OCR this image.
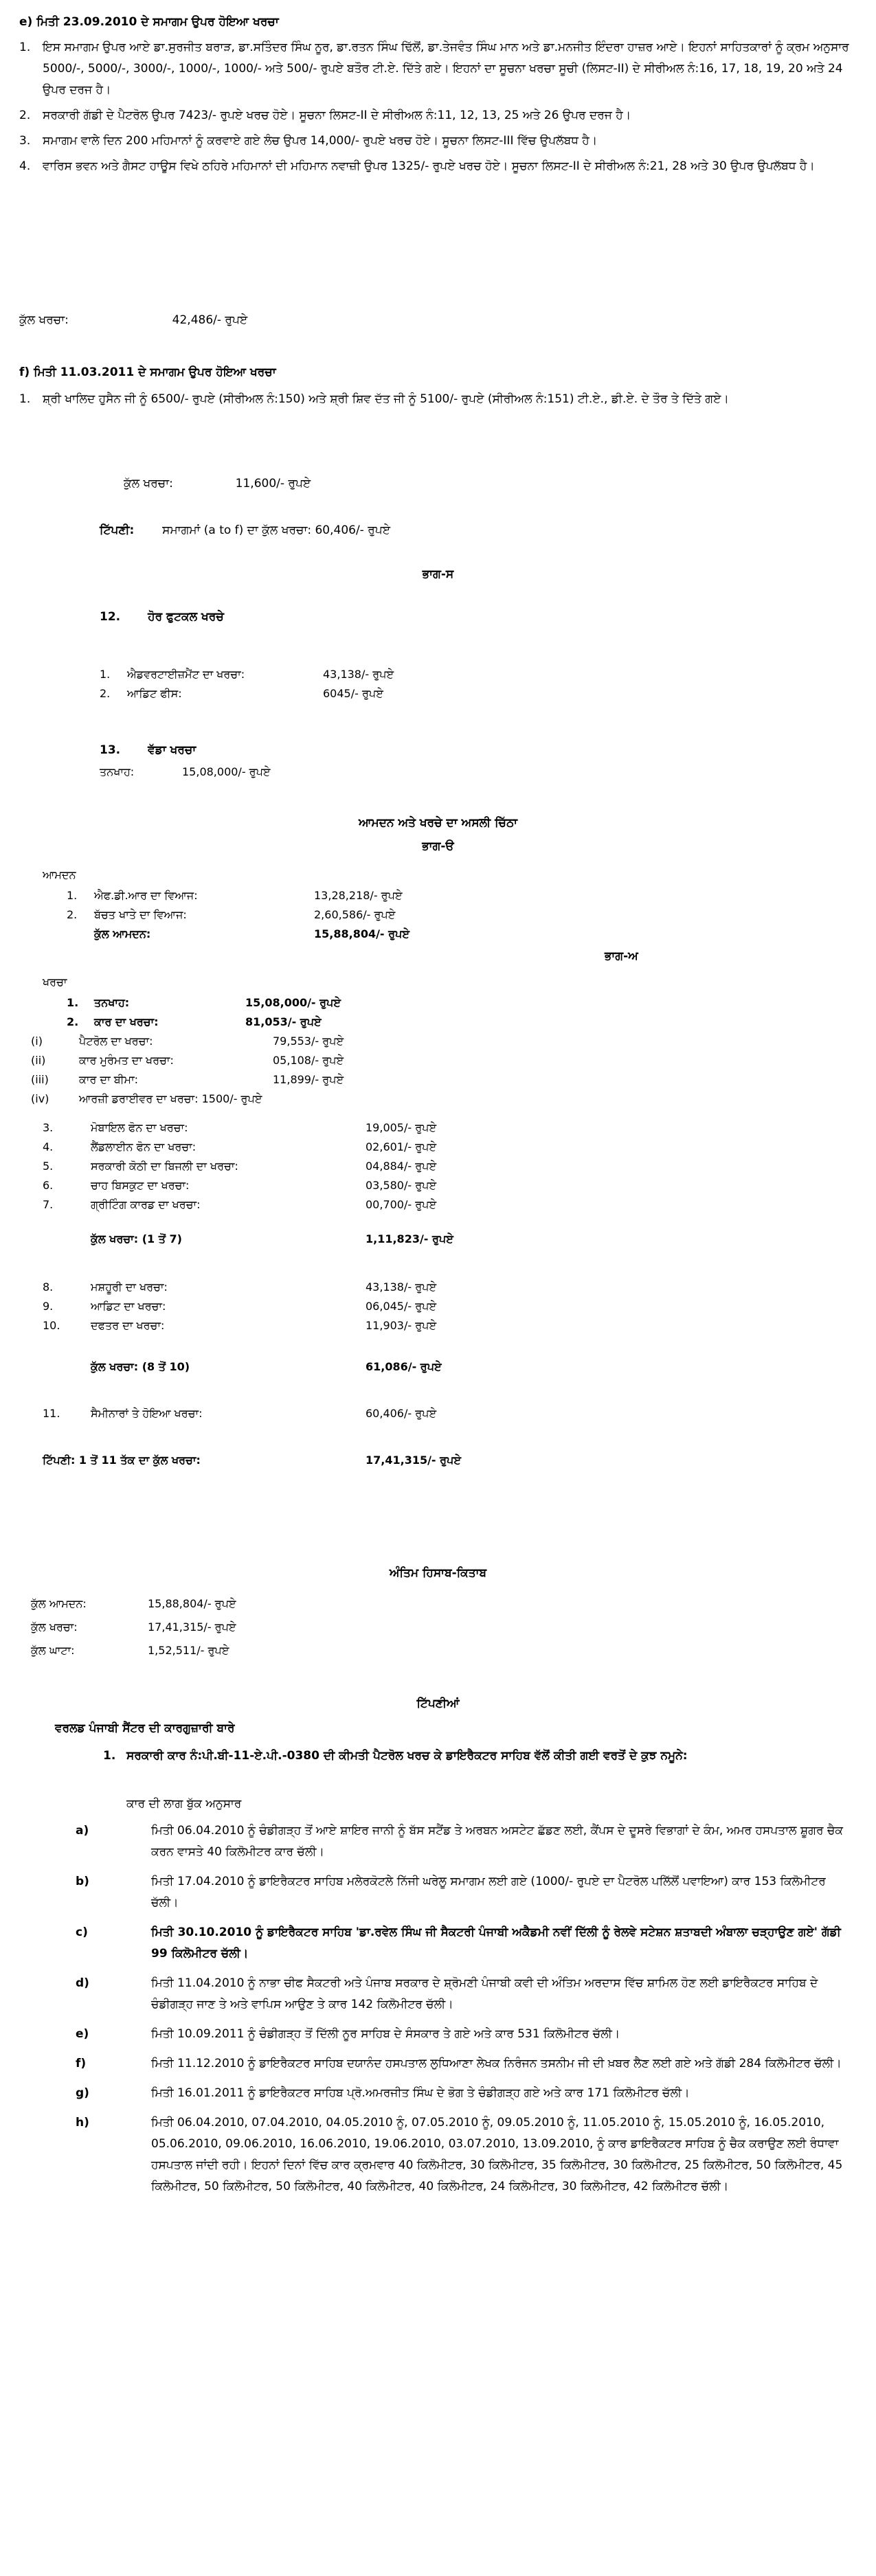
e) ਮਿਤੀ 23.09.2010 ਦੇ ਸਮਾਗਮ ਉਪਰ ਹੋਇਆ ਖਰਚਾ
1. ਇਸ ਸਮਾਗਮ ਉਪਰ ਆਏ ਡਾ.ਸੁਰਜੀਤ ਬਰਾੜ, ਡਾ.ਸਤਿੰਦਰ ਸਿੰਘ ਨੂਰ, ਡਾ.ਰਤਨ ਸਿੰਘ ਢਿੱਲੋਂ, ਡਾ.ਤੇਜਵੰਤ ਸਿੰਘ ਮਾਨ ਅਤੇ ਡਾ.ਮਨਜੀਤ ਇੰਦਰਾ ਹਾਜ਼ਰ ਆਏ। ਇਹਨਾਂ ਸਾਹਿਤਕਾਰਾਂ ਨੂੰ ਕ੍ਰਮ ਅਨੁਸਾਰ 5000/-, 5000/-, 3000/-, 1000/-, 1000/- ਅਤੇ 500/- ਰੁਪਏ ਬਤੌਰ ਟੀ.ਏ. ਦਿੱਤੇ ਗਏ। ਇਹਨਾਂ ਦਾ ਸੂਚਨਾ ਖਰਚਾ ਸੂਚੀ (ਲਿਸਟ-II) ਦੇ ਸੀਰੀਅਲ ਨੰ:16, 17, 18, 19, 20 ਅਤੇ 24 ਉਪਰ ਦਰਜ ਹੈ।
2. ਸਰਕਾਰੀ ਗੱਡੀ ਦੇ ਪੈਟਰੋਲ ਉਪਰ 7423/- ਰੁਪਏ ਖਰਚ ਹੋਏ। ਸੂਚਨਾ ਲਿਸਟ-II ਦੇ ਸੀਰੀਅਲ ਨੰ:11, 12, 13, 25 ਅਤੇ 26 ਉਪਰ ਦਰਜ ਹੈ।
3. ਸਮਾਗਮ ਵਾਲੇ ਦਿਨ 200 ਮਹਿਮਾਨਾਂ ਨੂੰ ਕਰਵਾਏ ਗਏ ਲੰਚ ਉਪਰ 14,000/- ਰੁਪਏ ਖਰਚ ਹੋਏ। ਸੂਚਨਾ ਲਿਸਟ-III ਵਿੱਚ ਉਪਲੱਬਧ ਹੈ।
4. ਵਾਰਿਸ ਭਵਨ ਅਤੇ ਗੈਸਟ ਹਾਊਸ ਵਿਖੇ ਠਹਿਰੇ ਮਹਿਮਾਨਾਂ ਦੀ ਮਹਿਮਾਨ ਨਵਾਜ਼ੀ ਉਪਰ 1325/- ਰੁਪਏ ਖਰਚ ਹੋਏ। ਸੂਚਨਾ ਲਿਸਟ-II ਦੇ ਸੀਰੀਅਲ ਨੰ:21, 28 ਅਤੇ 30 ਉਪਰ ਉਪਲੱਬਧ ਹੈ।
ਕੁੱਲ ਖਰਚਾ:	42,486/- ਰੁਪਏ
f) ਮਿਤੀ 11.03.2011 ਦੇ ਸਮਾਗਮ ਉਪਰ ਹੋਇਆ ਖਰਚਾ
1. ਸ਼੍ਰੀ ਖਾਲਿਦ ਹੁਸੈਨ ਜੀ ਨੂੰ 6500/- ਰੁਪਏ (ਸੀਰੀਅਲ ਨੰ:150) ਅਤੇ ਸ਼੍ਰੀ ਸ਼ਿਵ ਦੱਤ ਜੀ ਨੂੰ 5100/- ਰੁਪਏ (ਸੀਰੀਅਲ ਨੰ:151) ਟੀ.ਏ., ਡੀ.ਏ. ਦੇ ਤੌਰ ਤੇ ਦਿੱਤੇ ਗਏ।
ਕੁੱਲ ਖਰਚਾ:	11,600/- ਰੁਪਏ
ਟਿੱਪਣੀ: ਸਮਾਗਮਾਂ (a to f) ਦਾ ਕੁੱਲ ਖਰਚਾ: 60,406/- ਰੁਪਏ
ਭਾਗ-ਸ
12. ਹੋਰ ਫੁਟਕਲ ਖਰਚੇ
1. ਐਡਵਰਟਾਈਜ਼ਮੈਂਟ ਦਾ ਖਰਚਾ:	43,138/- ਰੁਪਏ
2. ਆਡਿਟ ਫੀਸ:	6045/- ਰੁਪਏ
13. ਵੱਡਾ ਖਰਚਾ
ਤਨਖਾਹ:	15,08,000/- ਰੁਪਏ
ਆਮਦਨ ਅਤੇ ਖਰਚੇ ਦਾ ਅਸਲੀ ਚਿੱਠਾ
ਭਾਗ-ੳ
ਆਮਦਨ
1. ਐਫ.ਡੀ.ਆਰ ਦਾ ਵਿਆਜ:	13,28,218/- ਰੁਪਏ
2. ਬੱਚਤ ਖਾਤੇ ਦਾ ਵਿਆਜ:	2,60,586/- ਰੁਪਏ
ਕੁੱਲ ਆਮਦਨ:	15,88,804/- ਰੁਪਏ
ਭਾਗ-ਅ
ਖਰਚਾ
1. ਤਨਖਾਹ:	15,08,000/- ਰੁਪਏ
2. ਕਾਰ ਦਾ ਖਰਚਾ:	81,053/- ਰੁਪਏ
(i)	ਪੈਟਰੋਲ ਦਾ ਖਰਚਾ:	79,553/- ਰੁਪਏ
(ii)	ਕਾਰ ਮੁਰੰਮਤ ਦਾ ਖਰਚਾ:	05,108/- ਰੁਪਏ
(iii)	ਕਾਰ ਦਾ ਬੀਮਾ:	11,899/- ਰੁਪਏ
(iv)	ਆਰਜ਼ੀ ਡਰਾਈਵਰ ਦਾ ਖਰਚਾ: 1500/- ਰੁਪਏ
3.	ਮੋਬਾਇਲ ਫੋਨ ਦਾ ਖਰਚਾ:	19,005/- ਰੁਪਏ
4.	ਲੈਂਡਲਾਈਨ ਫੋਨ ਦਾ ਖਰਚਾ:	02,601/- ਰੁਪਏ
5.	ਸਰਕਾਰੀ ਕੋਠੀ ਦਾ ਬਿਜਲੀ ਦਾ ਖਰਚਾ:	04,884/- ਰੁਪਏ
6.	ਚਾਹ ਬਿਸਕੁਟ ਦਾ ਖਰਚਾ:	03,580/- ਰੁਪਏ
7.	ਗ੍ਰੀਟਿੰਗ ਕਾਰਡ ਦਾ ਖਰਚਾ:	00,700/- ਰੁਪਏ
ਕੁੱਲ ਖਰਚਾ: (1 ਤੋਂ 7)	1,11,823/- ਰੁਪਏ
8.	ਮਸ਼ਹੂਰੀ ਦਾ ਖਰਚਾ:	43,138/- ਰੁਪਏ
9.	ਆਡਿਟ ਦਾ ਖਰਚਾ:	06,045/- ਰੁਪਏ
10.	ਦਫਤਰ ਦਾ ਖਰਚਾ:	11,903/- ਰੁਪਏ
ਕੁੱਲ ਖਰਚਾ: (8 ਤੋਂ 10)	61,086/- ਰੁਪਏ
11.	ਸੈਮੀਨਾਰਾਂ ਤੇ ਹੋਇਆ ਖਰਚਾ:	60,406/- ਰੁਪਏ
ਟਿੱਪਣੀ: 1 ਤੋਂ 11 ਤੱਕ ਦਾ ਕੁੱਲ ਖਰਚਾ:	17,41,315/- ਰੁਪਏ
ਅੰਤਿਮ ਹਿਸਾਬ-ਕਿਤਾਬ
ਕੁੱਲ ਆਮਦਨ:	15,88,804/- ਰੁਪਏ
ਕੁੱਲ ਖਰਚਾ:	17,41,315/- ਰੁਪਏ
ਕੁੱਲ ਘਾਟਾ:	1,52,511/- ਰੁਪਏ
ਟਿੱਪਣੀਆਂ
ਵਰਲਡ ਪੰਜਾਬੀ ਸੈਂਟਰ ਦੀ ਕਾਰਗੁਜ਼ਾਰੀ ਬਾਰੇ
1. ਸਰਕਾਰੀ ਕਾਰ ਨੰ:ਪੀ.ਬੀ-11-ਏ.ਪੀ.-0380 ਦੀ ਕੀਮਤੀ ਪੈਟਰੋਲ ਖਰਚ ਕੇ ਡਾਇਰੈਕਟਰ ਸਾਹਿਬ ਵੱਲੋਂ ਕੀਤੀ ਗਈ ਵਰਤੋਂ ਦੇ ਕੁਝ ਨਮੂਨੇ:
ਕਾਰ ਦੀ ਲਾਗ ਬੁੱਕ ਅਨੁਸਾਰ
a)	ਮਿਤੀ 06.04.2010 ਨੂੰ ਚੰਡੀਗੜ੍ਹ ਤੋਂ ਆਏ ਸ਼ਾਇਰ ਜਾਨੀ ਨੂੰ ਬੱਸ ਸਟੈਂਡ ਤੇ ਅਰਬਨ ਅਸਟੇਟ ਛੱਡਣ ਲਈ, ਕੈਂਪਸ ਦੇ ਦੂਸਰੇ ਵਿਭਾਗਾਂ ਦੇ ਕੰਮ, ਅਮਰ ਹਸਪਤਾਲ ਸ਼ੂਗਰ ਚੈਕ ਕਰਨ ਵਾਸਤੇ 40 ਕਿਲੋਮੀਟਰ ਕਾਰ ਚੱਲੀ।
b)	ਮਿਤੀ 17.04.2010 ਨੂੰ ਡਾਇਰੈਕਟਰ ਸਾਹਿਬ ਮਲੇਰਕੋਟਲੇ ਨਿੱਜੀ ਘਰੇਲੂ ਸਮਾਗਮ ਲਈ ਗਏ (1000/- ਰੁਪਏ ਦਾ ਪੈਟਰੋਲ ਪਲਿੱਲੋਂ ਪਵਾਇਆ) ਕਾਰ 153 ਕਿਲੋਮੀਟਰ ਚੱਲੀ।
c)	ਮਿਤੀ 30.10.2010 ਨੂੰ ਡਾਇਰੈਕਟਰ ਸਾਹਿਬ 'ਡਾ.ਰਵੇਲ ਸਿੰਘ ਜੀ ਸੈਕਟਰੀ ਪੰਜਾਬੀ ਅਕੈਡਮੀ ਨਵੀਂ ਦਿੱਲੀ ਨੂੰ ਰੇਲਵੇ ਸਟੇਸ਼ਨ ਸ਼ਤਾਬਦੀ ਅੰਬਾਲਾ ਚੜ੍ਹਾਉਣ ਗਏ' ਗੱਡੀ 99 ਕਿਲੋਮੀਟਰ ਚੱਲੀ।
d)	ਮਿਤੀ 11.04.2010 ਨੂੰ ਨਾਭਾ ਚੀਫ ਸੈਕਟਰੀ ਅਤੇ ਪੰਜਾਬ ਸਰਕਾਰ ਦੇ ਸ਼੍ਰੋਮਣੀ ਪੰਜਾਬੀ ਕਵੀ ਦੀ ਅੰਤਿਮ ਅਰਦਾਸ ਵਿੱਚ ਸ਼ਾਮਿਲ ਹੋਣ ਲਈ ਡਾਇਰੈਕਟਰ ਸਾਹਿਬ ਦੇ ਚੰਡੀਗੜ੍ਹ ਜਾਣ ਤੇ ਅਤੇ ਵਾਪਿਸ ਆਉਣ ਤੇ ਕਾਰ 142 ਕਿਲੋਮੀਟਰ ਚੱਲੀ।
e)	ਮਿਤੀ 10.09.2011 ਨੂੰ ਚੰਡੀਗੜ੍ਹ ਤੋਂ ਦਿੱਲੀ ਨੂਰ ਸਾਹਿਬ ਦੇ ਸੰਸਕਾਰ ਤੇ ਗਏ ਅਤੇ ਕਾਰ 531 ਕਿਲੋਮੀਟਰ ਚੱਲੀ।
f)	ਮਿਤੀ 11.12.2010 ਨੂੰ ਡਾਇਰੈਕਟਰ ਸਾਹਿਬ ਦਯਾਨੰਦ ਹਸਪਤਾਲ ਲੁਧਿਆਣਾ ਲੇਖਕ ਨਿਰੰਜਨ ਤਸਨੀਮ ਜੀ ਦੀ ਖ਼ਬਰ ਲੈਣ ਲਈ ਗਏ ਅਤੇ ਗੱਡੀ 284 ਕਿਲੋਮੀਟਰ ਚੱਲੀ।
g)	ਮਿਤੀ 16.01.2011 ਨੂੰ ਡਾਇਰੈਕਟਰ ਸਾਹਿਬ ਪ੍ਰੋ.ਅਮਰਜੀਤ ਸਿੰਘ ਦੇ ਭੋਗ ਤੇ ਚੰਡੀਗੜ੍ਹ ਗਏ ਅਤੇ ਕਾਰ 171 ਕਿਲੋਮੀਟਰ ਚੱਲੀ।
h)	ਮਿਤੀ 06.04.2010, 07.04.2010, 04.05.2010 ਨੂੰ, 07.05.2010 ਨੂੰ, 09.05.2010 ਨੂੰ, 11.05.2010 ਨੂੰ, 15.05.2010 ਨੂੰ, 16.05.2010, 05.06.2010, 09.06.2010, 16.06.2010, 19.06.2010, 03.07.2010, 13.09.2010, ਨੂੰ ਕਾਰ ਡਾਇਰੈਕਟਰ ਸਾਹਿਬ ਨੂੰ ਚੈਕ ਕਰਾਉਣ ਲਈ ਰੰਧਾਵਾ ਹਸਪਤਾਲ ਜਾਂਦੀ ਰਹੀ। ਇਹਨਾਂ ਦਿਨਾਂ ਵਿੱਚ ਕਾਰ ਕ੍ਰਮਵਾਰ 40 ਕਿਲੋਮੀਟਰ, 30 ਕਿਲੋਮੀਟਰ, 35 ਕਿਲੋਮੀਟਰ, 30 ਕਿਲੋਮੀਟਰ, 25 ਕਿਲੋਮੀਟਰ, 50 ਕਿਲੋਮੀਟਰ, 45 ਕਿਲੋਮੀਟਰ, 50 ਕਿਲੋਮੀਟਰ, 50 ਕਿਲੋਮੀਟਰ, 40 ਕਿਲੋਮੀਟਰ, 40 ਕਿਲੋਮੀਟਰ, 24 ਕਿਲੋਮੀਟਰ, 30 ਕਿਲੋਮੀਟਰ, 42 ਕਿਲੋਮੀਟਰ ਚੱਲੀ।
